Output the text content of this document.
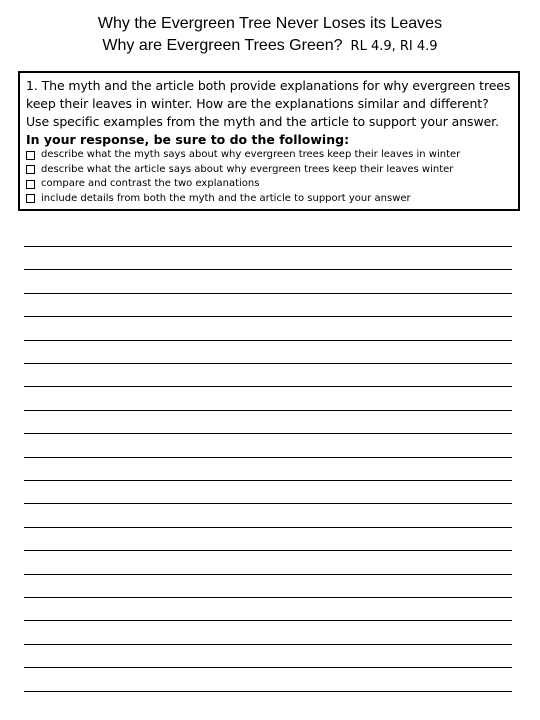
Why the Evergreen Tree Never Loses its Leaves
Why are Evergreen Trees Green? RL 4.9, RI 4.9
1. The myth and the article both provide explanations for why evergreen trees keep their leaves in winter. How are the explanations similar and different? Use specific examples from the myth and the article to support your answer.
In your response, be sure to do the following:
describe what the myth says about why evergreen trees keep their leaves in winter
describe what the article says about why evergreen trees keep their leaves winter
compare and contrast the two explanations
include details from both the myth and the article to support your answer
